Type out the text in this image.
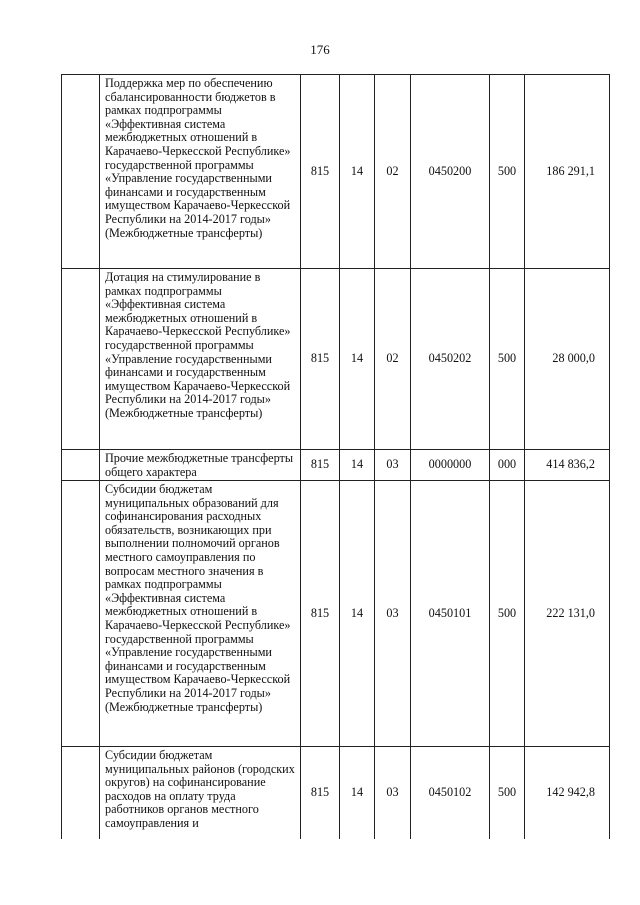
176
	Поддержка мер по обеспечению сбалансированности бюджетов в рамках подпрограммы «Эффективная система межбюджетных отношений в Карачаево-Черкесской Республике» государственной программы «Управление государственными финансами и государственным имуществом Карачаево-Черкесской Республики на 2014-2017 годы» (Межбюджетные трансферты)	815	14	02	0450200	500	186 291,1
	Дотация на стимулирование в рамках подпрограммы «Эффективная система межбюджетных отношений в Карачаево-Черкесской Республике» государственной программы «Управление государственными финансами и государственным имуществом Карачаево-Черкесской Республики на 2014-2017 годы» (Межбюджетные трансферты)	815	14	02	0450202	500	28 000,0
	Прочие межбюджетные трансферты общего характера	815	14	03	0000000	000	414 836,2
	Субсидии бюджетам муниципальных образований для софинансирования расходных обязательств, возникающих при выполнении полномочий органов местного самоуправления по вопросам местного значения в рамках подпрограммы «Эффективная система межбюджетных отношений в Карачаево-Черкесской Республике» государственной программы «Управление государственными финансами и государственным имуществом Карачаево-Черкесской Республики на 2014-2017 годы» (Межбюджетные трансферты)	815	14	03	0450101	500	222 131,0
	Субсидии бюджетам муниципальных районов (городских округов) на софинансирование расходов на оплату труда работников органов местного самоуправления и	815	14	03	0450102	500	142 942,8
